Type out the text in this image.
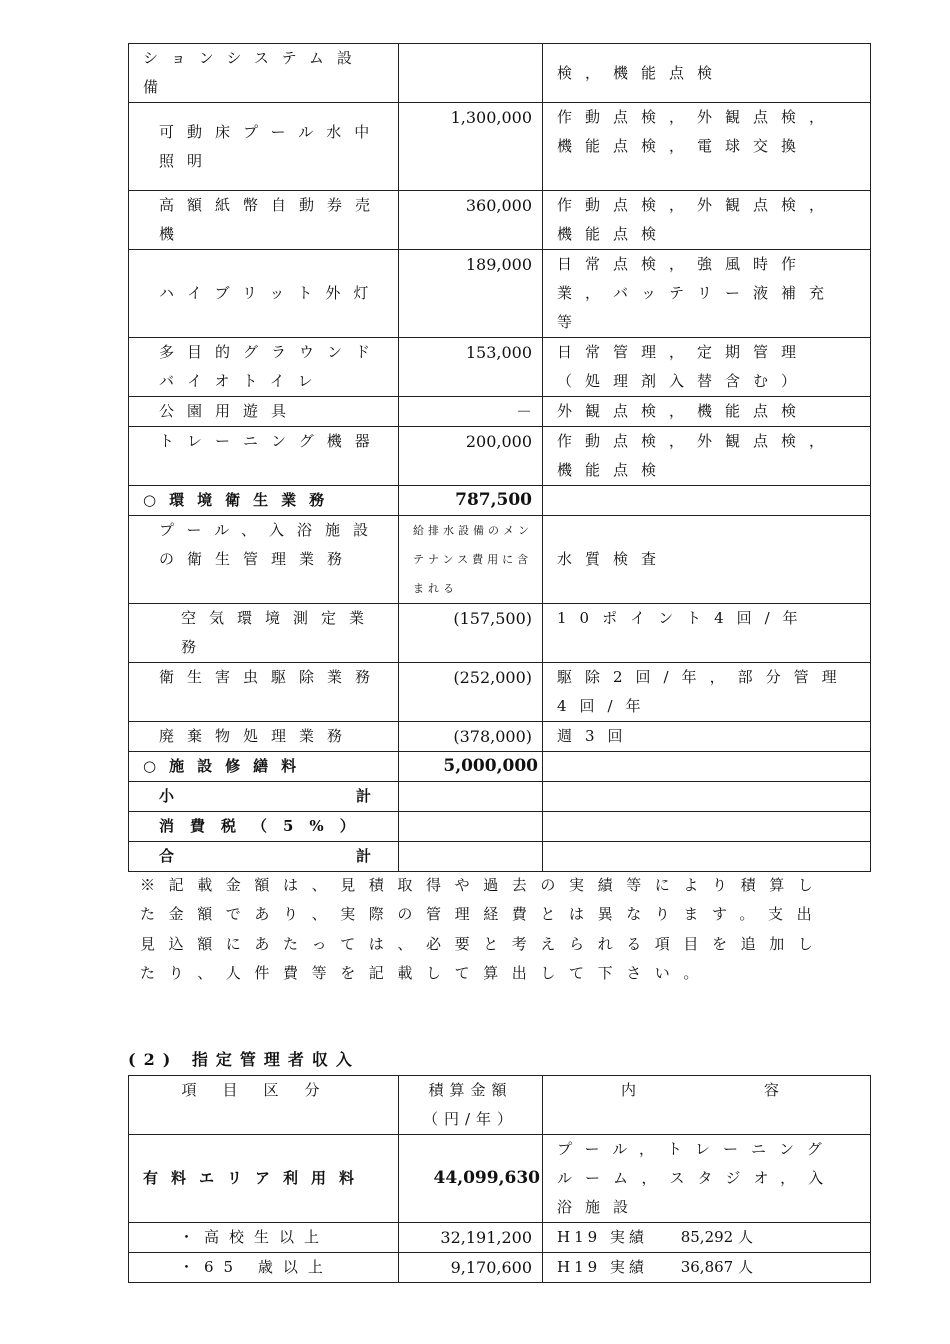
ションシステム設備		検，機能点検
可動床プール水中照明	1,300,000	作動点検，外観点検，機能点検，電球交換
高額紙幣自動券売機	360,000	作動点検，外観点検，機能点検
ハイブリット外灯	189,000	日常点検，強風時作業，バッテリー液補充等
多目的グラウンドバイオトイレ	153,000	日常管理，定期管理（処理剤入替含む）
公園用遊具	－	外観点検，機能点検
トレーニング機器	200,000	作動点検，外観点検，機能点検
○環境衛生業務	787,500	
プール、入浴施設の衛生管理業務	給排水設備のメンテナンス費用に含まれる	水質検査
空気環境測定業務	(157,500)	10ポイント4回/年
衛生害虫駆除業務	(252,000)	駆除2回/年，部分管理4回/年
廃棄物処理業務	(378,000)	週3回
○施設修繕料	5,000,000	

小 計		

消費税（5%）		

合 計		

※記載金額は、見積取得や過去の実績等により積算した金額であり、実際の管理経費とは異なります。支出見込額にあたっては、必要と考えられる項目を追加したり、人件費等を記載して算出して下さい。
(2) 指定管理者収入
項目区分	積算金額（円/年）	内 容

有料エリア利用料	44,099,630	プール，トレーニングルーム，スタジオ，入浴施設
・高校生以上	32,191,200	H19 実績 85,292 人
・65 歳以上	9,170,600	H19 実績 36,867 人
